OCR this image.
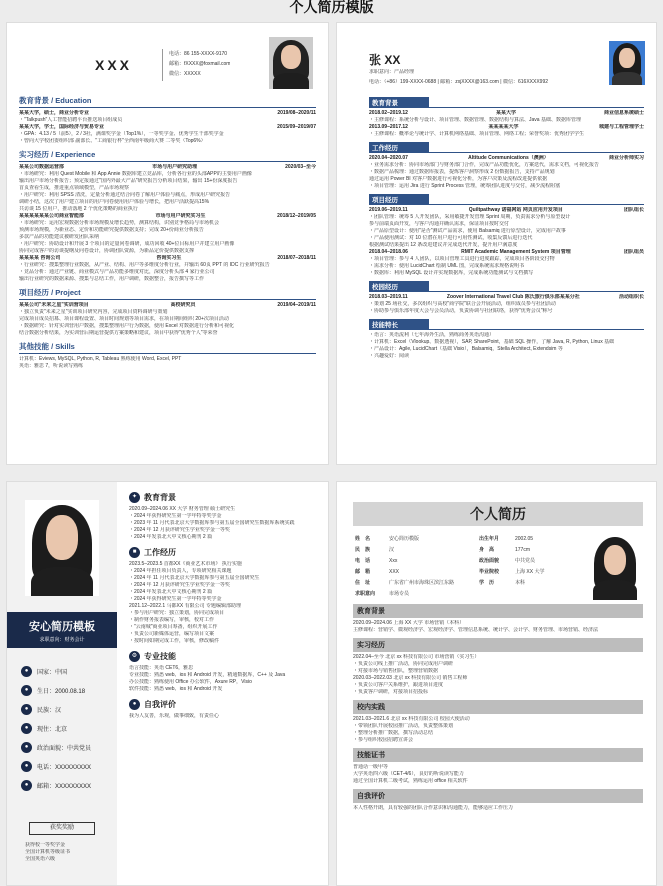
个人简历模版
XXX
电话：86 155-XXXX-9170
邮箱：fXXXX@foxmail.com
微信：XXXXX
教育背景 / Education
某某大学，硕士，商业分析专业	2019/08–2020/11
・"Talkpush"人工智能招聘平台推送项目组成员
某某大学，学士，国际经济与贸易专业	2015/09–2019/07
・GPA：4.13 / 5（前5），2 / 3社，满课奖学金（Top1%），一等奖学金、优秀学生干部奖学金
・曾向大学校团委组织部 副部长、"工商银行杯"全西南年级商大赛 二等奖（Top6%）
实习经历 / Experience
某某公司数据运营部	市场与用户研究助理	2020/03–至今
・市场研究：利用 Quest Mobile 和 App Annie 数据库建立竞品库，分析各行业的头部APP的主要用户画像
输出用户市场分析报告；预定报通过"国内外最大产品"研究报告分析项目结果，输出 15+份深度报告
首页查看生成，推进重点领域模型，产品市场观察
・用户研究：利用 SPSS 清洗，定量分析通过结合问卷了解用户体验与痛点，形成用户研究报告
调研小结，这次了用户建立项目的用户问卷使用用户体验与增长，把用户活跃提高15%
共访谈 15 位用户，推动落地 2 个优化策略的商业执行
某某某某某某公司商业智能部	市场与用户研究实习生	2018/12–2019/05
・市场研究：运用宏观数据分析市场规模及增长趋势，测算结构，识别竞争格局与市场机会
预测市场规模，为新业态、定价和功能研究提供数据支持；完成 20+份商业分析报告
多款产品的功能建议被研发团队采纳
・用户研究：协助设计和开展 3 个项目的定量问卷调研，成功回收 40+位目标用户并建立用户画像
协同完成客户的访谈提纲及问卷设计，协调团队资源，为新品定价提供数据支撑
某某某某 咨询公司	咨询实习生	2018/07–2018/11
・行业研究：搜集整理行业数据，从产业、结构、用户等多维度分析行业，并输出 60页 PPT 的 IDC 行业研究报告
・竞品分析：通过产业链、商业模式与产品功能多维度对比，深度分析头部 4 家行业公司
输出行业研究的数据来源、搜集与总结工作，用户调研，数据整合，报告撰写等工作
项目经历 / Project
某某公司"未来之星"实训营项目	高校研究员	2019/04–2019/11
・独立负责"未来之星"实训项目研究内容，完成项目资料调研与策划
完成项目成员招募、项目课程设置、项目时间规划等项目需求，在项目期间组织 20+次项目活动
・数据研究：针对实训营用户数据，搜集整理用户行为数据，使用 Excel 对数据进行分析和可视化
结合数据分析结果，为实训营后期运营提供方案策略和建议，项目中获得"优秀个人"等荣誉
其他技能 / Skills
计算机：Eviews, MySQL, Python, R, Tableau 熟练使用 Word, Excel, PPT
英语：雅思 7，听说读写熟练
张 XX
求职意向：产品经理
电话：（+86）199-XXXX-0688 | 邮箱：zxjXXXX@163.com | 微信：616XXXX992
教育背景
2018.02–2019.12	某某大学	商业信息系统硕士
・主修课程：系统分析与设计、项目管理、数据管理、数据结构与算法、Java 基础、数据库管理
2013.09–2017.12	某某某某大学	城建与工程管理学士
・主修课程：概率论与统计学、计算机网络基础、项目管理、网络工程；荣誉奖项：优秀团学学生
工作经历
2020.04–2020.07	Altitude Communications（澳洲）	商业分析师实习
・业务需求分析：协同市场部门与财务部门合作，完成产品功能优化，方案迭代，需求文档，可视化报告
・数据产品梳理：通过数据库报表，提炼客户洞察形成 2 份数据报告，支持产品规划
通过运用 Power BI 对客户数据进行可视化分析，为客户决策及流程改进提供依据
・项目管理：运用 Jira 进行 Sprint Process 管理，统筹团队进度与交付，减少流程阻塞
项目经历
2019.06–2019.11	Quiltpathway 诺福网站 网页应用开发项目	团队组长
・团队管理：统筹 5 人开发团队，采用敏捷开发管理 Sprint 周期，负责需求分析与原型设计
参与前端页面开发，与客户沟通并确认需求，保证项目按时交付
・产品原型设计：使用"是否"测试产品需求，使用 Balsamiq 进行原型设计，完成用户故事
・产品使用测试：对 10 位潜在用户进行可用性测试，收集反馈后进行迭代
根据测试结果提出 12 条改进建议并完成迭代开发，提升用户满意度
2018.04–2018.06	RMIT Academic Management System 项目管理	团队组员
・项目管理：参与 4 人团队，以项目管理工具进行进度跟踪，完成项目各阶段交付物
・需求分析：使用 LucidChart 绘制 UML 图，完成系统需求规格说明书
・数据库：利用 MySQL 设计并实现数据库，完成系统功能测试与文档撰写
校园经历
2018.03–2019.11	Zoover International Travel Club 陈氏旅行俱乐部某某分社	活动组织长
・策划 25 场社交，多次组织与高校"商学院"联合会开展活动，组织成员参与社团活动
・协助参与俱乐部年度大会与会员活动，负责协调与社团联络，获得"优秀会员"称号
技能特长
・语言：英语流利（七年海外生活，熟练商务英语沟通）
・计算机：Excel（Vlookup、数据透视），SAP, SharePoint，基础 SQL 操作，了解 Java, R, Python, Linux 基础
・产品设计：Agile, LucidChart（基础 Visio），Balsamiq，Stella Architect, Extendsim 等
・兴趣爱好：阅读
安心简历模板
求职意向：财务会计
●	国家：中国
●	生日：2000.08.18
●	民族：汉
●	现住：北京
●	政治面貌：中共党员
●	电话：XXXXXXXXX
●	邮箱：XXXXXXXXX
获奖奖励
获得校一等奖学金
全国计算机等级证书
全国英语六级
✦ 教育背景
2020.09–2024.06 XX 大学 财务管理 硕士研究生
・2024 年获得研究生第一学年特等奖学金
・2023 年 11 月代表北京大学数据库参与第五届全国研究生数据库系统实践
・2024 年 12 月获评研究生学业奖学金一等奖
・2024 年发表北大中文核心期刊 2 篇
■ 工作经历
2023.5–2023.5 首都XX《商业艺术市场》 执行实施
・2024 年担任项目负责人，专项研究相关课题
・2024 年 11 月代表北京大学数据库参与第五届全国研究生
・2024 年 12 月获评研究生学业奖学金一等奖
・2024 年发表北大中文核心期刊 2 篇
・2024 年获得研究生第一学年特等奖学金
2021.12–2022.1 马都XX 有限公司 专题编辑部助理
・参与用户研究：独立策划，协同完成项目
・制作财务报表编写，审核，校对工作
・"云南城"商业项目筹备，组织开展工作
・负责公司新媒体运营，编写项目文案
・按时间如期完成工作，审核，修改稿件
⚙ 专业技能
语言技能：英语 CET6，雅思
专业技能：熟悉 web、ios 和 Android 开发，精通数据库，C++ 及 Java
办公技能：熟练使用 Office 办公软件，Axure RP，Visio
软件技能：熟悉 web、ios 和 Android 开发
● 自我评价
我为人友善，乐观，做事细致，有责任心
个人简历
姓　名	安心简历模版	出生年月	2002.05
民　族	汉	身　高	177cm
电　话	Xxx	政治面貌	中共党员
邮　箱	XXX	毕业院校	上海 XX 大学
住　址	广东省广州市海珠区滨江东路	学　历	本科
求职意向	市场专员
教育背景
2020.09–2024.06 上海 XX 大学 市场营销（本科）
主修课程：营销学、微观经济学、宏观经济学、管理信息系统、统计学、会计学、财务管理、市场营销、经济法
实习经历
2022.04–至今 北京 xx 科技有限公司 市场营销（实习生）
・负责公司线上推广活动，协同完成用户调研
・对接市场与销售团队，整理营销数据
2020.03–2022.03 北京 xx 科技有限公司 销售工程师
・负责公司客户关系维护，跟进项目进度
・负责客户调研，对接项目招投标
校内实践
2021.03–2021.6 北京 xx 科技有限公司 校园大使活动
・带领团队开展校园推广活动，负责整体策划
・整理分析推广数据，撰写活动总结
・参与组织校园招聘宣讲会
技能证书
普通话一级甲等
大学英语四六级（CET-4/6），良好的听说读写能力
通过全国计算机二级考试，熟练运用 office 相关软件
自我评价
本人性格开朗，具有较强的团队合作意识和沟通能力，能够适应工作压力
